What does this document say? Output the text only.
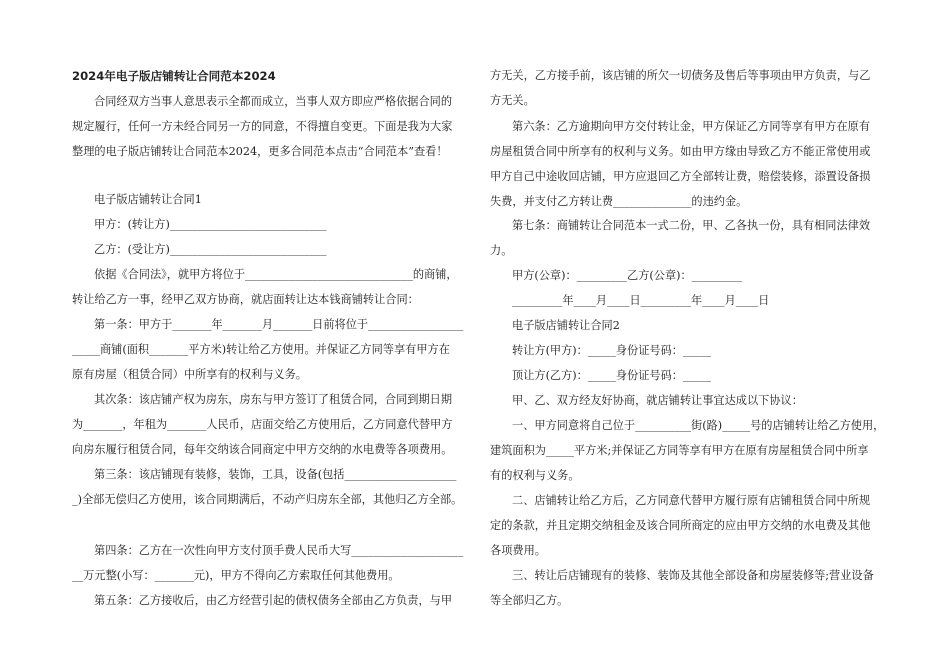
2024年电子版店铺转让合同范本2024
合同经双方当事人意思表示全都而成立，当事人双方即应严格依据合同的
规定履行，任何一方未经合同另一方的同意，不得擅自变更。下面是我为大家
整理的电子版店铺转让合同范本2024，更多合同范本点击“合同范本”查看！
电子版店铺转让合同1
甲方：(转让方)____________________________
乙方：(受让方)____________________________
依据《合同法》，就甲方将位于______________________________的商铺，
转让给乙方一事，经甲乙双方协商，就店面转让达本钱商铺转让合同：
第一条：甲方于_______年_______月_______日前将位于_________________
_____商铺(面积_______平方米)转让给乙方使用。并保证乙方同等享有甲方在
原有房屋（租赁合同）中所享有的权利与义务。
其次条：该店铺产权为房东，房东与甲方签订了租赁合同，合同到期日期
为_______，年租为_______人民币，店面交给乙方使用后，乙方同意代替甲方
向房东履行租赁合同，每年交纳该合同商定中甲方交纳的水电费等各项费用。
第三条：该店铺现有装修，装饰，工具，设备(包括____________________
_)全部无偿归乙方使用，该合同期满后，不动产归房东全部，其他归乙方全部。
第四条：乙方在一次性向甲方支付顶手费人民币大写____________________
__万元整(小写：_______元)，甲方不得向乙方索取任何其他费用。
第五条：乙方接收后，由乙方经营引起的债权债务全部由乙方负责，与甲
方无关，乙方接手前，该店铺的所欠一切债务及售后等事项由甲方负责，与乙
方无关。
第六条：乙方逾期向甲方交付转让金，甲方保证乙方同等享有甲方在原有
房屋租赁合同中所享有的权利与义务。如由甲方缘由导致乙方不能正常使用或
甲方自己中途收回店铺，甲方应退回乙方全部转让费，赔偿装修，添置设备损
失费，并支付乙方转让费______________的违约金。
第七条：商铺转让合同范本一式二份，甲、乙各执一份，具有相同法律效
力。
甲方(公章)：_________乙方(公章)：_________
_________年____月____日_________年____月____日
电子版店铺转让合同2
转让方(甲方)：_____身份证号码：_____
顶让方(乙方)：_____身份证号码：_____
甲、乙、双方经友好协商，就店铺转让事宜达成以下协议：
一、甲方同意将自己位于__________街(路)_____号的店铺转让给乙方使用，
建筑面积为_____平方米;并保证乙方同等享有甲方在原有房屋租赁合同中所享
有的权利与义务。
二、店铺转让给乙方后，乙方同意代替甲方履行原有店铺租赁合同中所规
定的条款，并且定期交纳租金及该合同所商定的应由甲方交纳的水电费及其他
各项费用。
三、转让后店铺现有的装修、装饰及其他全部设备和房屋装修等;营业设备
等全部归乙方。
